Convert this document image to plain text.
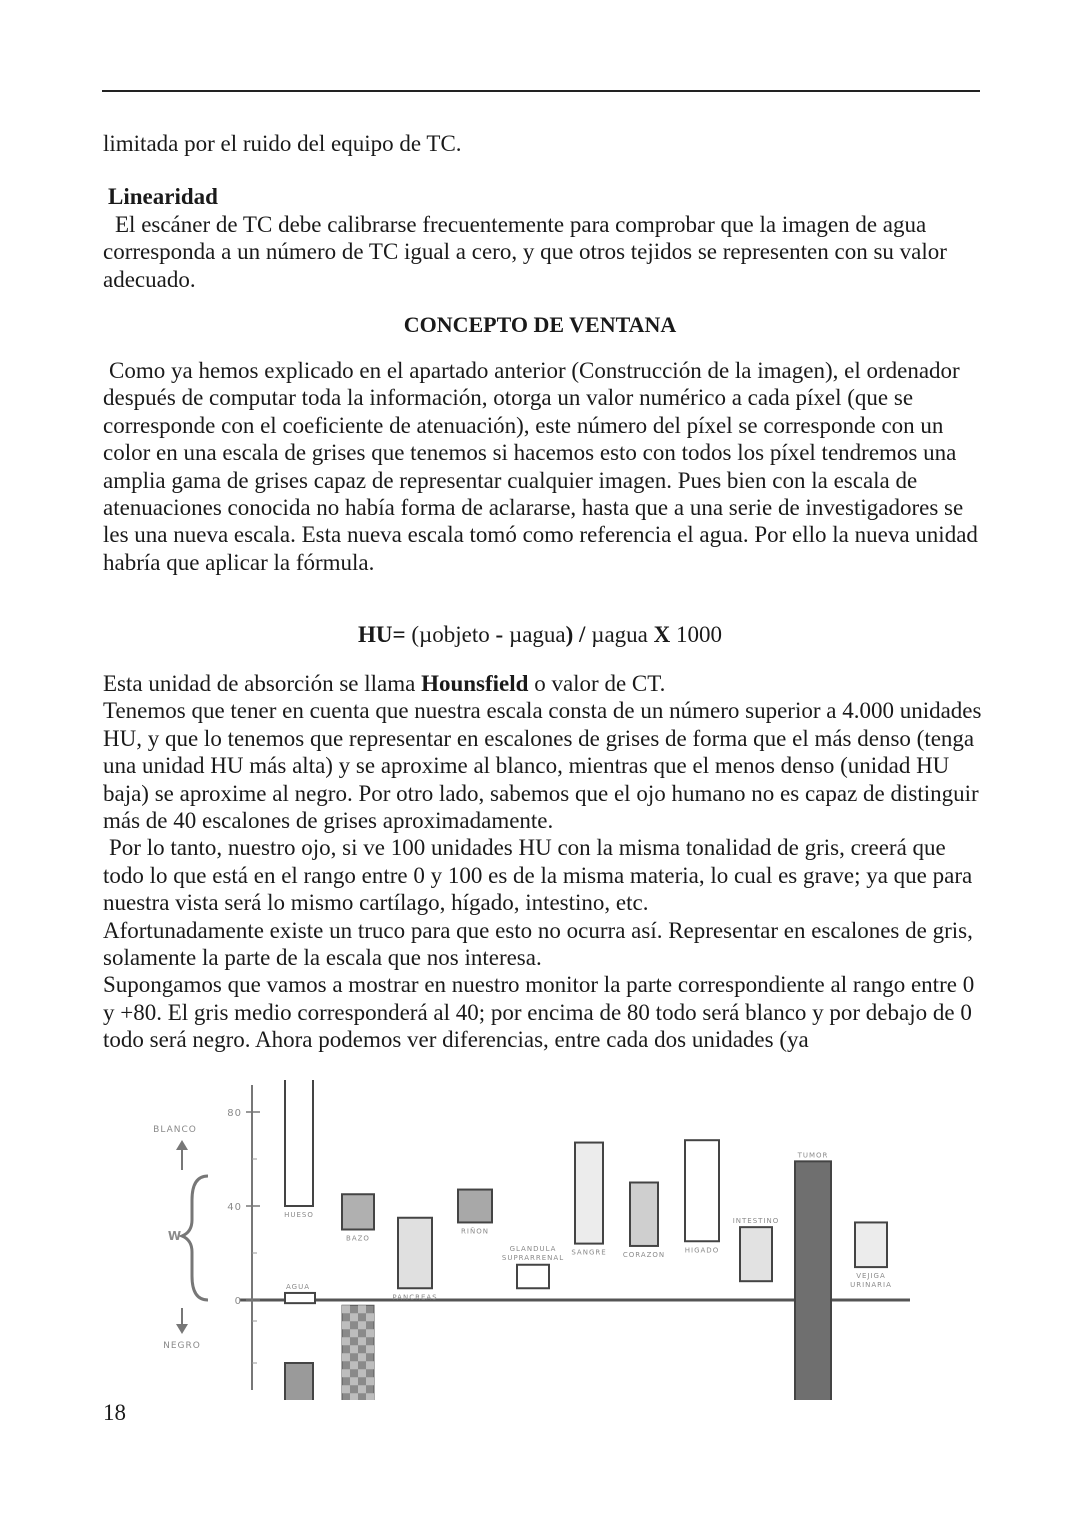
limitada por el ruido del equipo de TC.

Linearidad

El escáner de TC debe calibrarse frecuentemente para comprobar que la imagen de agua corresponda a un número de TC igual a cero, y que otros tejidos se representen con su valor adecuado.

CONCEPTO DE VENTANA

Como ya hemos explicado en el apartado anterior (Construcción de la imagen), el ordenador después de computar toda la información, otorga un valor numérico a cada píxel (que se corresponde con el coeficiente de atenuación), este número del píxel se corresponde con un color en una escala de grises que tenemos si hacemos esto con todos los píxel tendremos una amplia gama de grises capaz de representar cualquier imagen. Pues bien con la escala de atenuaciones conocida no había forma de aclararse, hasta que a una serie de investigadores se les una nueva escala. Esta nueva escala tomó como referencia el agua. Por ello la nueva unidad habría que aplicar la fórmula.

HU= (µobjeto - µagua) / µagua X 1000

Esta unidad de absorción se llama Hounsfield o valor de CT.

Tenemos que tener en cuenta que nuestra escala consta de un número superior a 4.000 unidades HU, y que lo tenemos que representar en escalones de grises de forma que el más denso (tenga una unidad HU más alta) y se aproxime al blanco, mientras que el menos denso (unidad HU baja) se aproxime al negro. Por otro lado, sabemos que el ojo humano no es capaz de distinguir más de 40 escalones de grises aproximadamente.

Por lo tanto, nuestro ojo, si ve 100 unidades HU con la misma tonalidad de gris, creerá que todo lo que está en el rango entre 0 y 100 es de la misma materia, lo cual es grave; ya que para nuestra vista será lo mismo cartílago, hígado, intestino, etc.

Afortunadamente existe un truco para que esto no ocurra así. Representar en escalones de gris, solamente la parte de la escala que nos interesa.

Supongamos que vamos a mostrar en nuestro monitor la parte correspondiente al rango entre 0 y +80. El gris medio corresponderá al 40; por encima de 80 todo será blanco y por debajo de 0 todo será negro. Ahora podemos ver diferencias, entre cada dos unidades (ya

80
40
0
BLANCO
W
NEGRO
HUESO
AGUA
BAZO
PANCREAS
RIÑON
GLANDULA
SUPRARRENAL
SANGRE CORAZON
HIGADO
INTESTINO
TUMOR
VEJIGA
URINARIA
18
